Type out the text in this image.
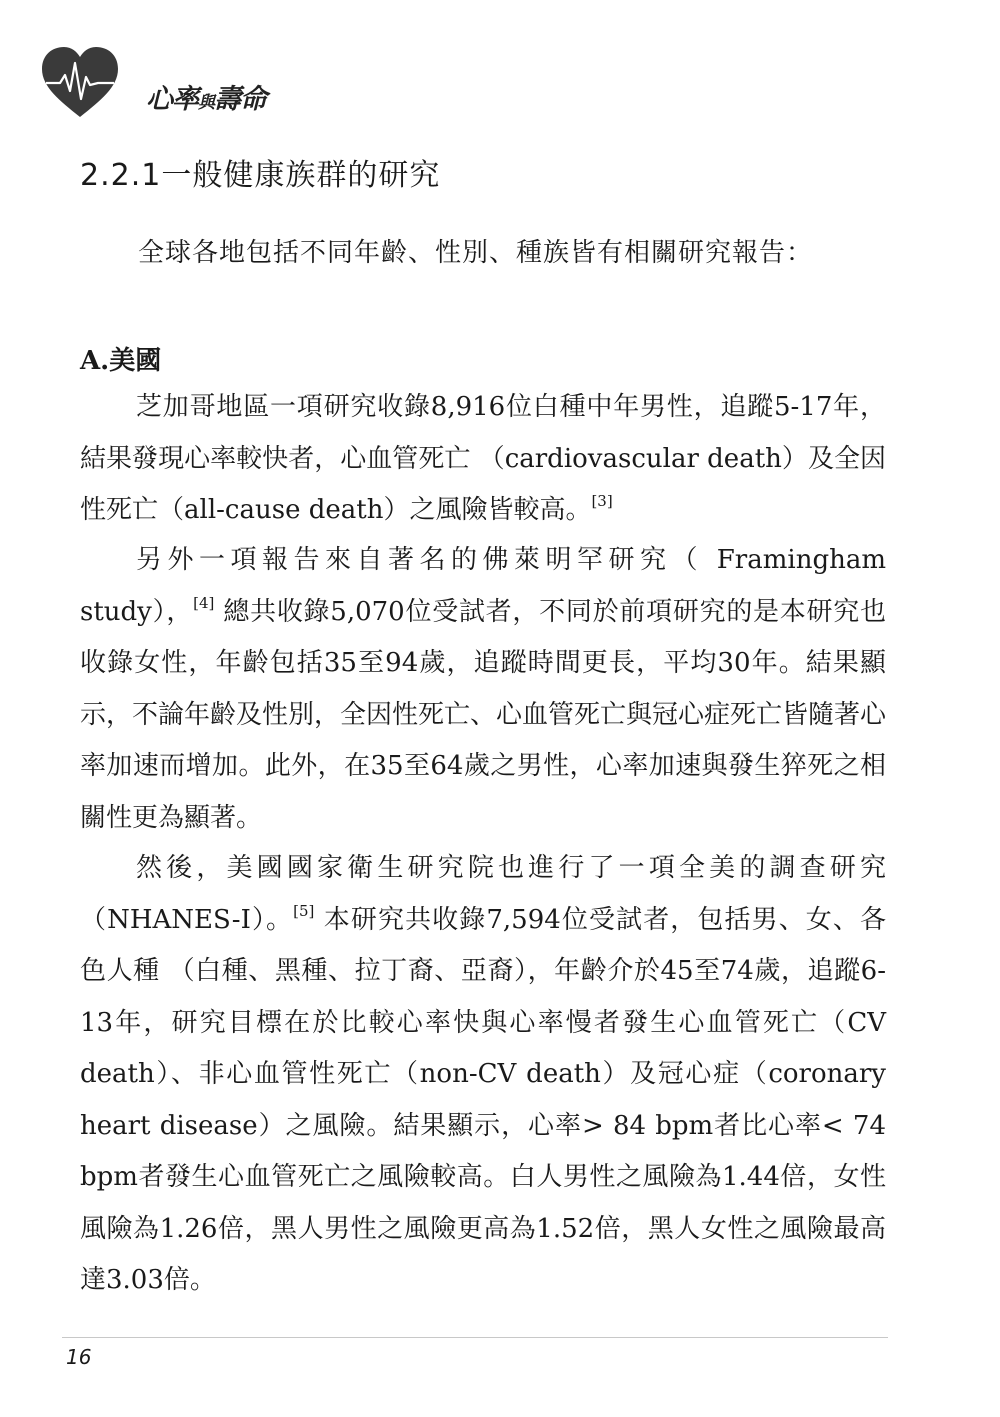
心率與壽命
2.2.1一般健康族群的研究
全球各地包括不同年齡、性別、種族皆有相關研究報告：
A.美國
芝加哥地區一項研究收錄8,916位白種中年男性，追蹤5-17年，結果發現心率較快者，心血管死亡 （cardiovascular death）及全因性死亡（all-cause death）之風險皆較高。[3]
另外一項報告來自著名的佛萊明罕研究（ Framingham study），[4] 總共收錄5,070位受試者，不同於前項研究的是本研究也收錄女性，年齡包括35至94歲，追蹤時間更長，平均30年。結果顯示，不論年齡及性別，全因性死亡、心血管死亡與冠心症死亡皆隨著心率加速而增加。此外，在35至64歲之男性，心率加速與發生猝死之相關性更為顯著。
然後，美國國家衛生研究院也進行了一項全美的調查研究 （NHANES-I）。[5] 本研究共收錄7,594位受試者，包括男、女、各色人種 （白種、黑種、拉丁裔、亞裔），年齡介於45至74歲，追蹤6-13年，研究目標在於比較心率快與心率慢者發生心血管死亡（CV death）、非心血管性死亡（non-CV death）及冠心症（coronary heart disease）之風險。結果顯示，心率> 84 bpm者比心率< 74 bpm者發生心血管死亡之風險較高。白人男性之風險為1.44倍，女性風險為1.26倍，黑人男性之風險更高為1.52倍，黑人女性之風險最高達3.03倍。
16
